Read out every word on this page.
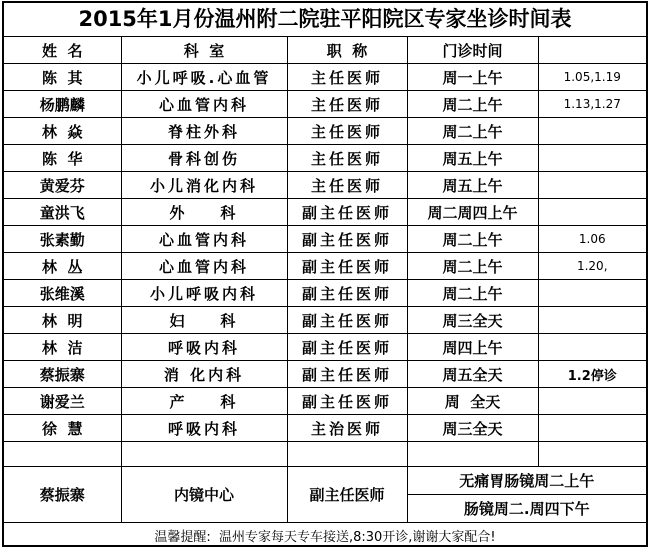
2015年1月份温州附二院驻平阳院区专家坐诊时间表
姓  名	科  室	职  称	门诊时间	
陈  其	小儿呼吸.心血管	主任医师	周一上午	1.05,1.19
杨鹏麟	心血管内科	主任医师	周二上午	1.13,1.27
林  焱	脊柱外科	主任医师	周二上午	
陈  华	骨科创伤	主任医师	周五上午	
黄爱芬	小儿消化内科	主任医师	周五上午	
童洪飞	外    科	副主任医师	周二周四上午	
张素勤	心血管内科	副主任医师	周二上午	1.06
林  丛	心血管内科	副主任医师	周二上午	1.20,
张维溪	小儿呼吸内科	副主任医师	周二上午	
林  明	妇    科	副主任医师	周三全天	
林  洁	呼吸内科	副主任医师	周四上午	
蔡振寨	消 化内科	副主任医师	周五全天	1.2停诊
谢爱兰	产    科	副主任医师	周  全天	
徐  慧	呼吸内科	主治医师	周三全天	

蔡振寨	内镜中心	副主任医师	无痛胃肠镜周二上午	
			肠镜周二.周四下午	
温馨提醒:  温州专家每天专车接送,8:30开诊,谢谢大家配合!				
